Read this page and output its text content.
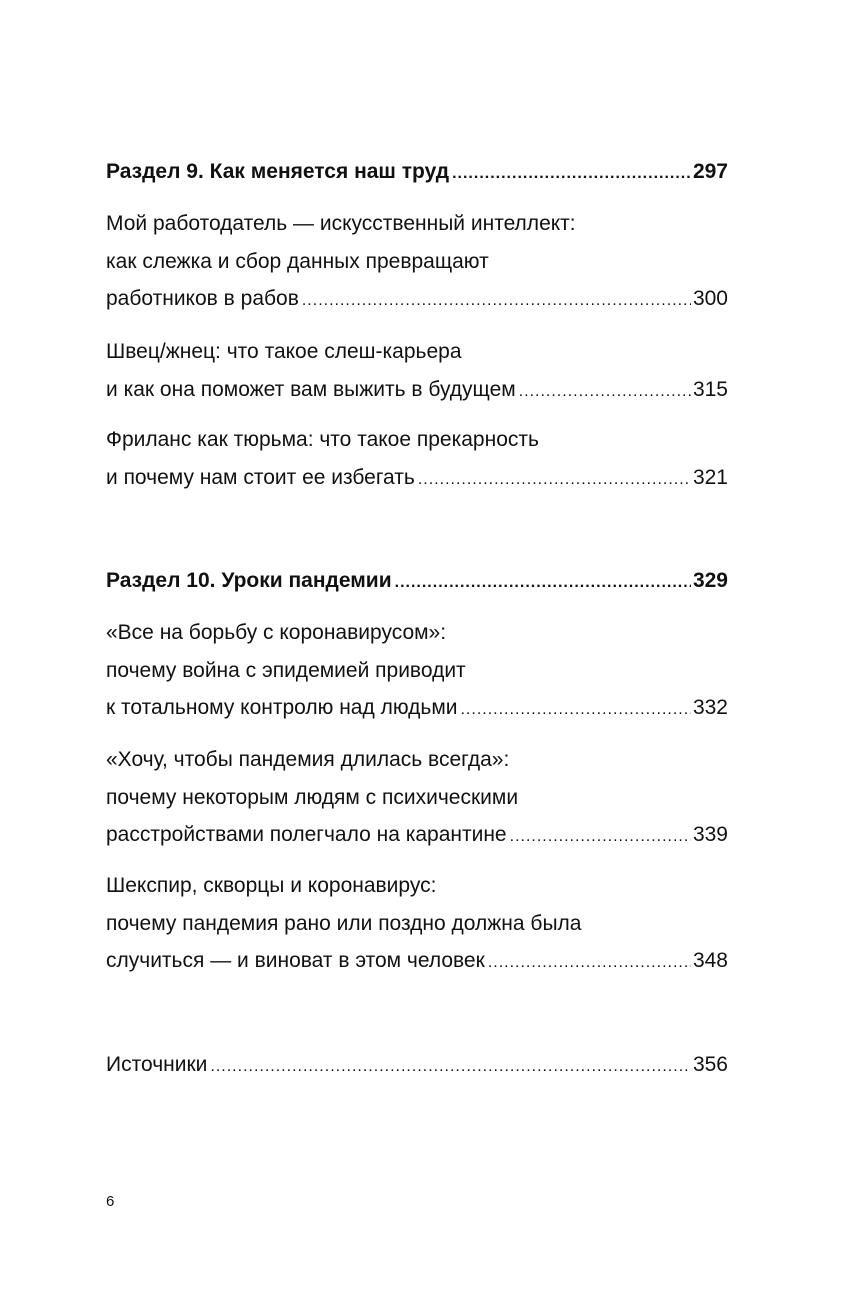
Раздел 9. Как меняется наш труд .....	297
Мой работодатель — искусственный интеллект:
как слежка и сбор данных превращают
работников в рабов .....	300
Швец/жнец: что такое слеш-карьера
и как она поможет вам выжить в будущем .....	315
Фриланс как тюрьма: что такое прекарность
и почему нам стоит ее избегать .....	321
Раздел 10. Уроки пандемии .....	329
«Все на борьбу с коронавирусом»:
почему война с эпидемией приводит
к тотальному контролю над людьми .....	332
«Хочу, чтобы пандемия длилась всегда»:
почему некоторым людям с психическими
расстройствами полегчало на карантине .....	339
Шекспир, скворцы и коронавирус:
почему пандемия рано или поздно должна была
случиться — и виноват в этом человек .....	348
Источники .....	356
6
